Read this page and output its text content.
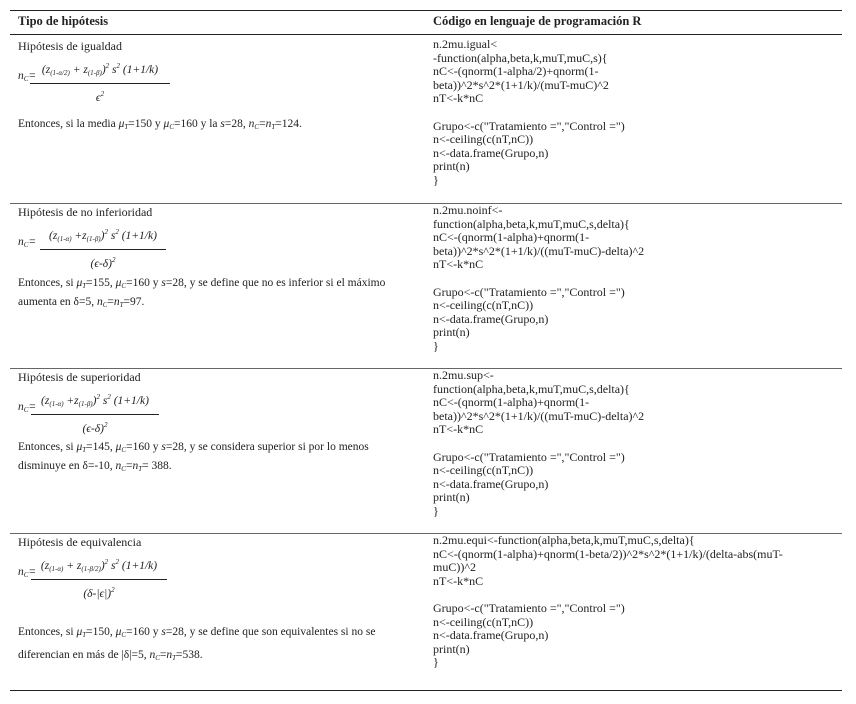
Tipo de hipótesis	Código en lenguaje de programación R
Hipótesis de igualdad
$n_C= (z_{(1-\alpha/2)} + z_{(1-\beta)})^2$ $s^2$ (1+1/k)
$\epsilon^2$
Entonces, si la media $\mu_T=150$ y $\mu_C=160$ y la s=28, $n_C=n_T=124$.
n.2mu.igual<
-function(alpha,beta,k,muT,muC,s){
nC<-(qnorm(1-alpha/2)+qnorm(1-
beta))^2*s^2*(1+1/k)/(muT-muC)^2
nT<-k*nC

Grupo<-c("Tratamiento =","Control =")
n<-ceiling(c(nT,nC))
n<-data.frame(Grupo,n)
print(n)
}
Hipótesis de no inferioridad
$n_C=$	$(z_{(1-\alpha)} +z_{(1-\beta)})^2$ $s^2$ (1+1/k)
$(\epsilon-\delta)^2$
Entonces, si $\mu_T=155$, $\mu_C=160$ y s=28, y se define que no es inferior si el máximo aumenta en δ=5, $n_C=n_T=97$.
n.2mu.noinf<-
function(alpha,beta,k,muT,muC,s,delta){
nC<-(qnorm(1-alpha)+qnorm(1-
beta))^2*s^2*(1+1/k)/((muT-muC)-delta)^2
nT<-k*nC

Grupo<-c("Tratamiento =","Control =")
n<-ceiling(c(nT,nC))
n<-data.frame(Grupo,n)
print(n)
}
Hipótesis de superioridad
$n_C= (z_{(1-\alpha)} +z_{(1-\beta)})^2$ $s^2$ (1+1/k)
$(\epsilon-\delta)^2$
Entonces, si $\mu_T=145$, $\mu_C=160$ y s=28, y se considera superior si por lo menos disminuye en δ=-10, $n_C=n_T= 388$.
n.2mu.sup<-
function(alpha,beta,k,muT,muC,s,delta){
nC<-(qnorm(1-alpha)+qnorm(1-
beta))^2*s^2*(1+1/k)/((muT-muC)-delta)^2
nT<-k*nC

Grupo<-c("Tratamiento =","Control =")
n<-ceiling(c(nT,nC))
n<-data.frame(Grupo,n)
print(n)
}
Hipótesis de equivalencia
$n_C= (z_{(1-\alpha)} + z_{(1-\beta/2)})^2$ $s^2$ (1+1/k)
$(\delta-|\epsilon|)^2$
Entonces, si $\mu_T=150$, $\mu_C=160$ y s=28, y se define que son equivalentes si no se diferencian en más de |δ|=5, $n_C=n_T=538$.
n.2mu.equi<-function(alpha,beta,k,muT,muC,s,delta){
nC<-(qnorm(1-alpha)+qnorm(1-beta/2))^2*s^2*(1+1/k)/(delta-abs(muT-
muC))^2
nT<-k*nC

Grupo<-c("Tratamiento =","Control =")
n<-ceiling(c(nT,nC))
n<-data.frame(Grupo,n)
print(n)
}
